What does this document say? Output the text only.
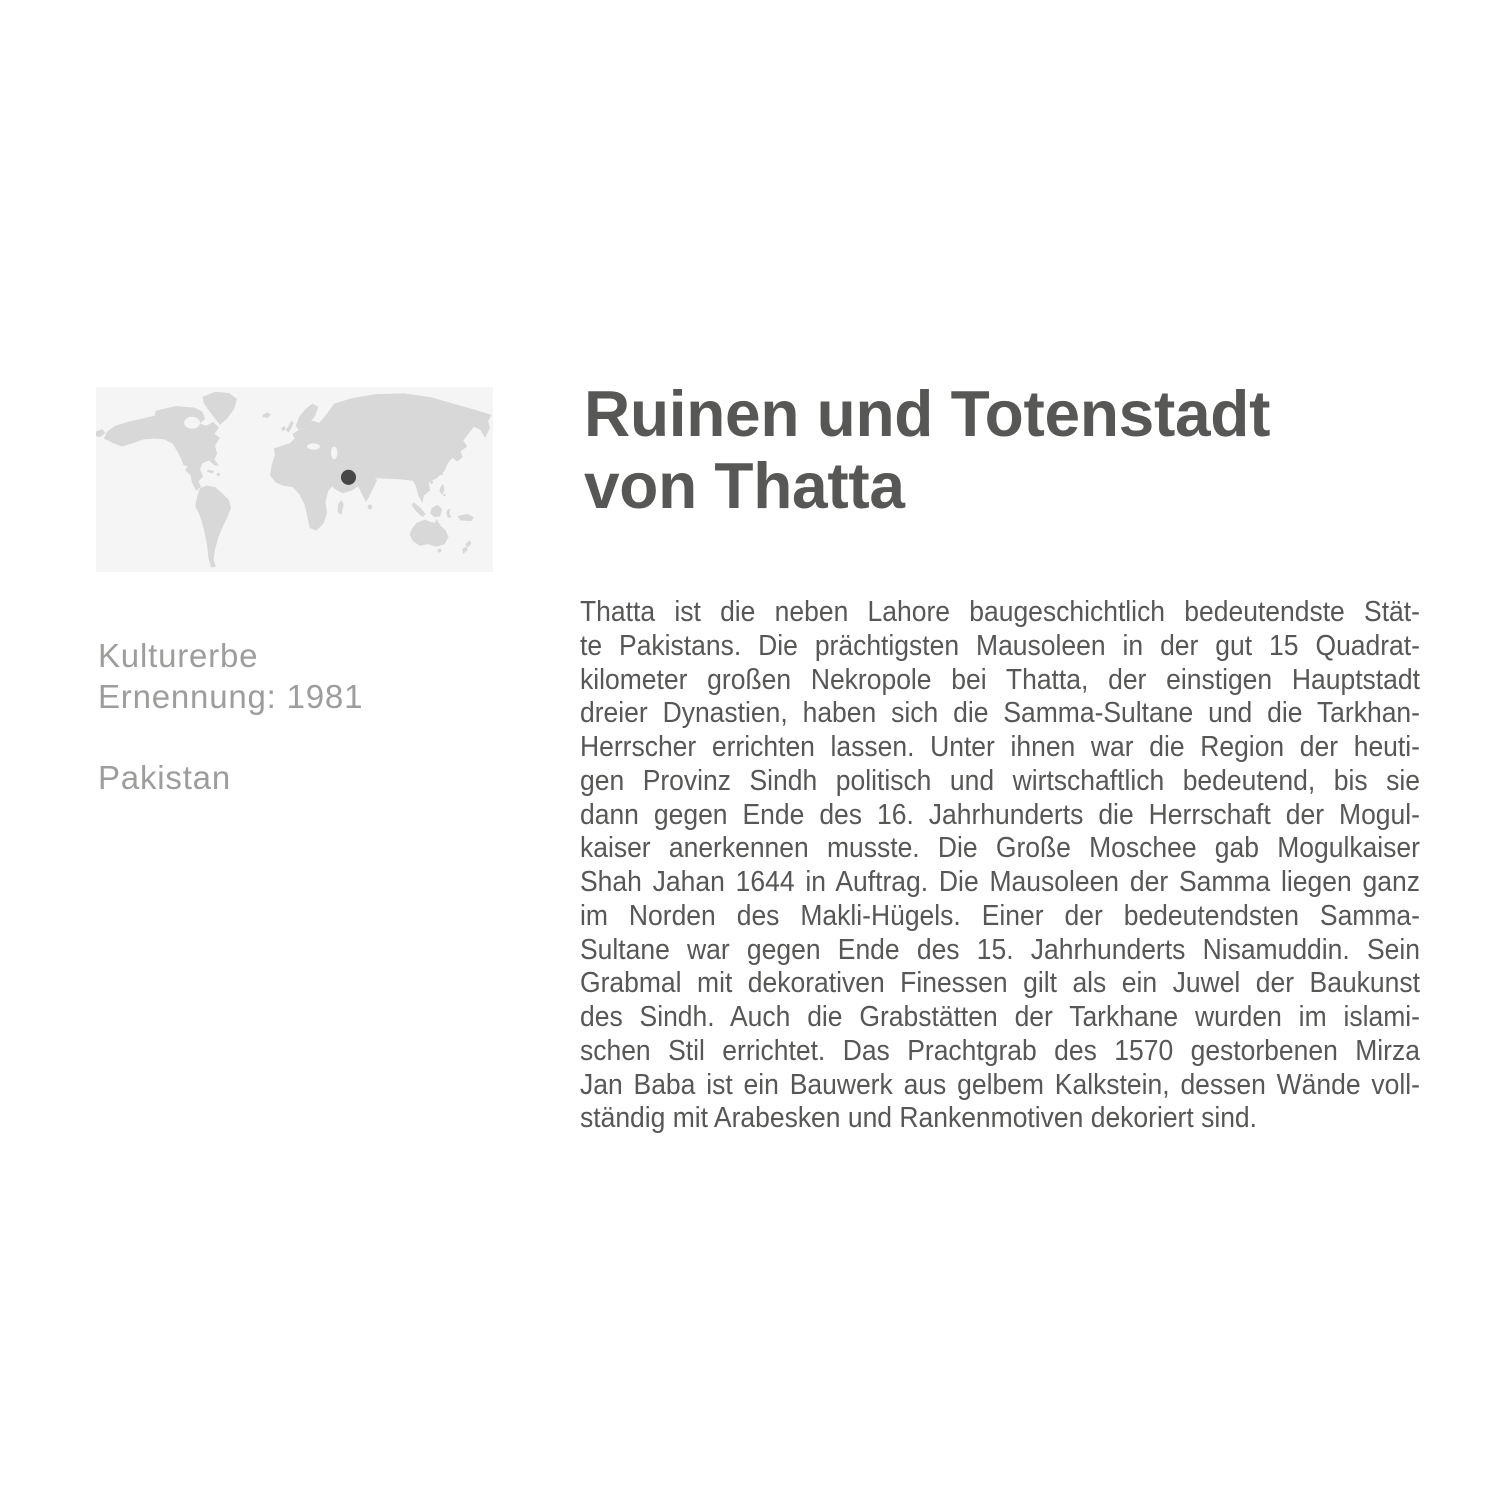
Kulturerbe
Ernennung: 1981
Pakistan
Ruinen und Totenstadt
von Thatta
Thatta ist die neben Lahore baugeschichtlich bedeutendste Stät-
te Pakistans. Die prächtigsten Mausoleen in der gut 15 Quadrat-
kilometer großen Nekropole bei Thatta, der einstigen Hauptstadt
dreier Dynastien, haben sich die Samma-Sultane und die Tarkhan-
Herrscher errichten lassen. Unter ihnen war die Region der heuti-
gen Provinz Sindh politisch und wirtschaftlich bedeutend, bis sie
dann gegen Ende des 16. Jahrhunderts die Herrschaft der Mogul-
kaiser anerkennen musste. Die Große Moschee gab Mogulkaiser
Shah Jahan 1644 in Auftrag. Die Mausoleen der Samma liegen ganz
im Norden des Makli-Hügels. Einer der bedeutendsten Samma-
Sultane war gegen Ende des 15. Jahrhunderts Nisamuddin. Sein
Grabmal mit dekorativen Finessen gilt als ein Juwel der Baukunst
des Sindh. Auch die Grabstätten der Tarkhane wurden im islami-
schen Stil errichtet. Das Prachtgrab des 1570 gestorbenen Mirza
Jan Baba ist ein Bauwerk aus gelbem Kalkstein, dessen Wände voll-
ständig mit Arabesken und Rankenmotiven dekoriert sind.
